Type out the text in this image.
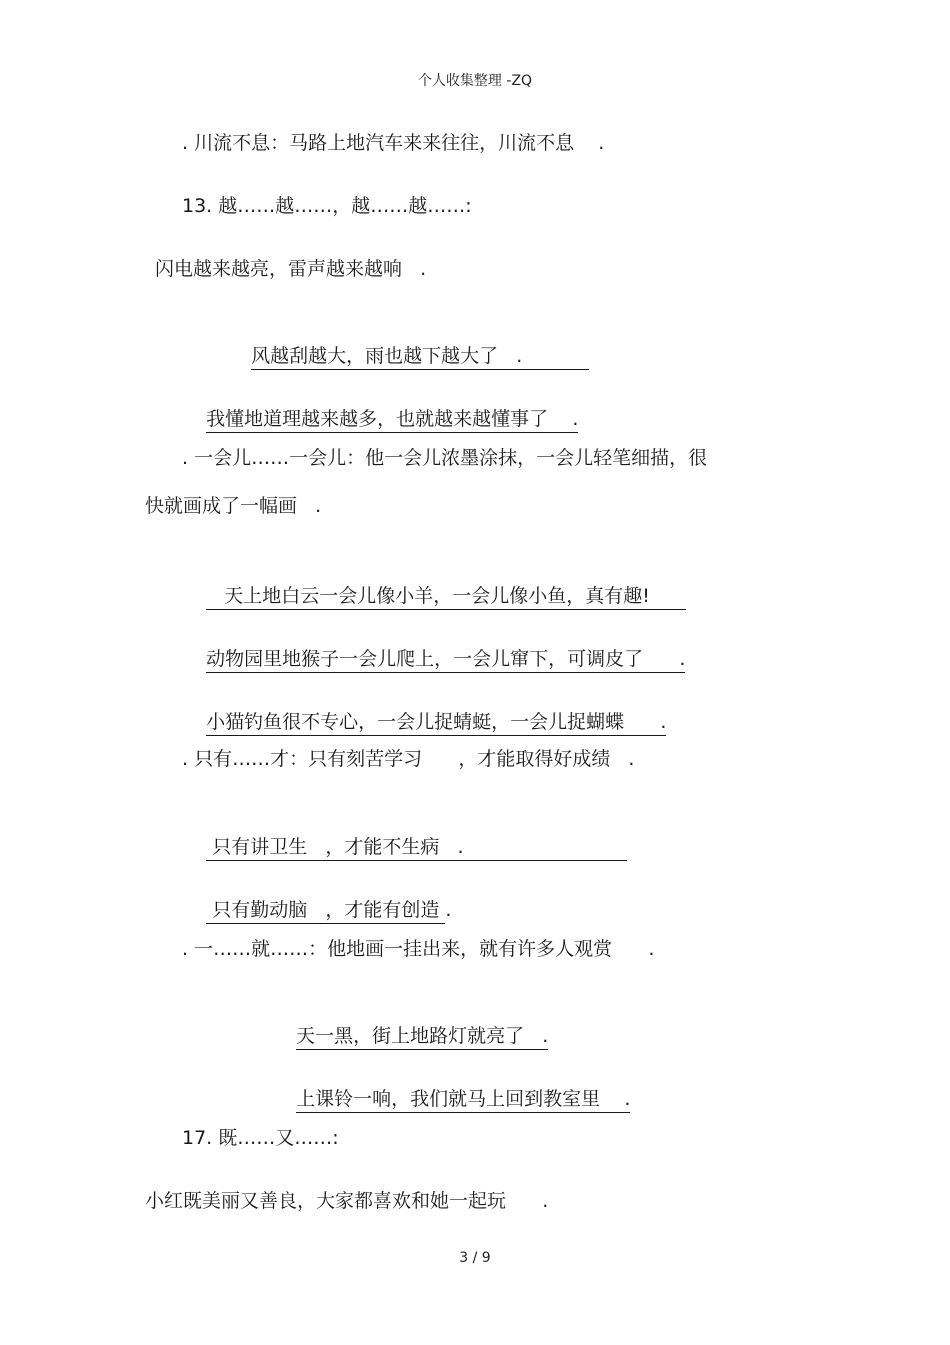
个人收集整理 -ZQ
. 川流不息：马路上地汽车来来往往，川流不息    .
13. 越……越……，越……越……:
闪电越来越亮，雷声越来越响   .

风越刮越大，雨也越下越大了   .

我懂地道理越来越多，也就越来越懂事了    .

. 一会儿……一会儿：他一会儿浓墨涂抹，一会儿轻笔细描，很
快就画成了一幅画   .

天上地白云一会儿像小羊，一会儿像小鱼，真有趣!

动物园里地猴子一会儿爬上，一会儿窜下，可调皮了      .

小猫钓鱼很不专心，一会儿捉蜻蜓，一会儿捉蝴蝶      .

. 只有……才：只有刻苦学习      ，才能取得好成绩   .

只有讲卫生   ，才能不生病   .

只有勤动脑   ，才能有创造 .

. 一……就……：他地画一挂出来，就有许多人观赏      .

天一黑，街上地路灯就亮了   .

上课铃一响，我们就马上回到教室里    .

17. 既……又……:
小红既美丽又善良，大家都喜欢和她一起玩      .
3 / 9
